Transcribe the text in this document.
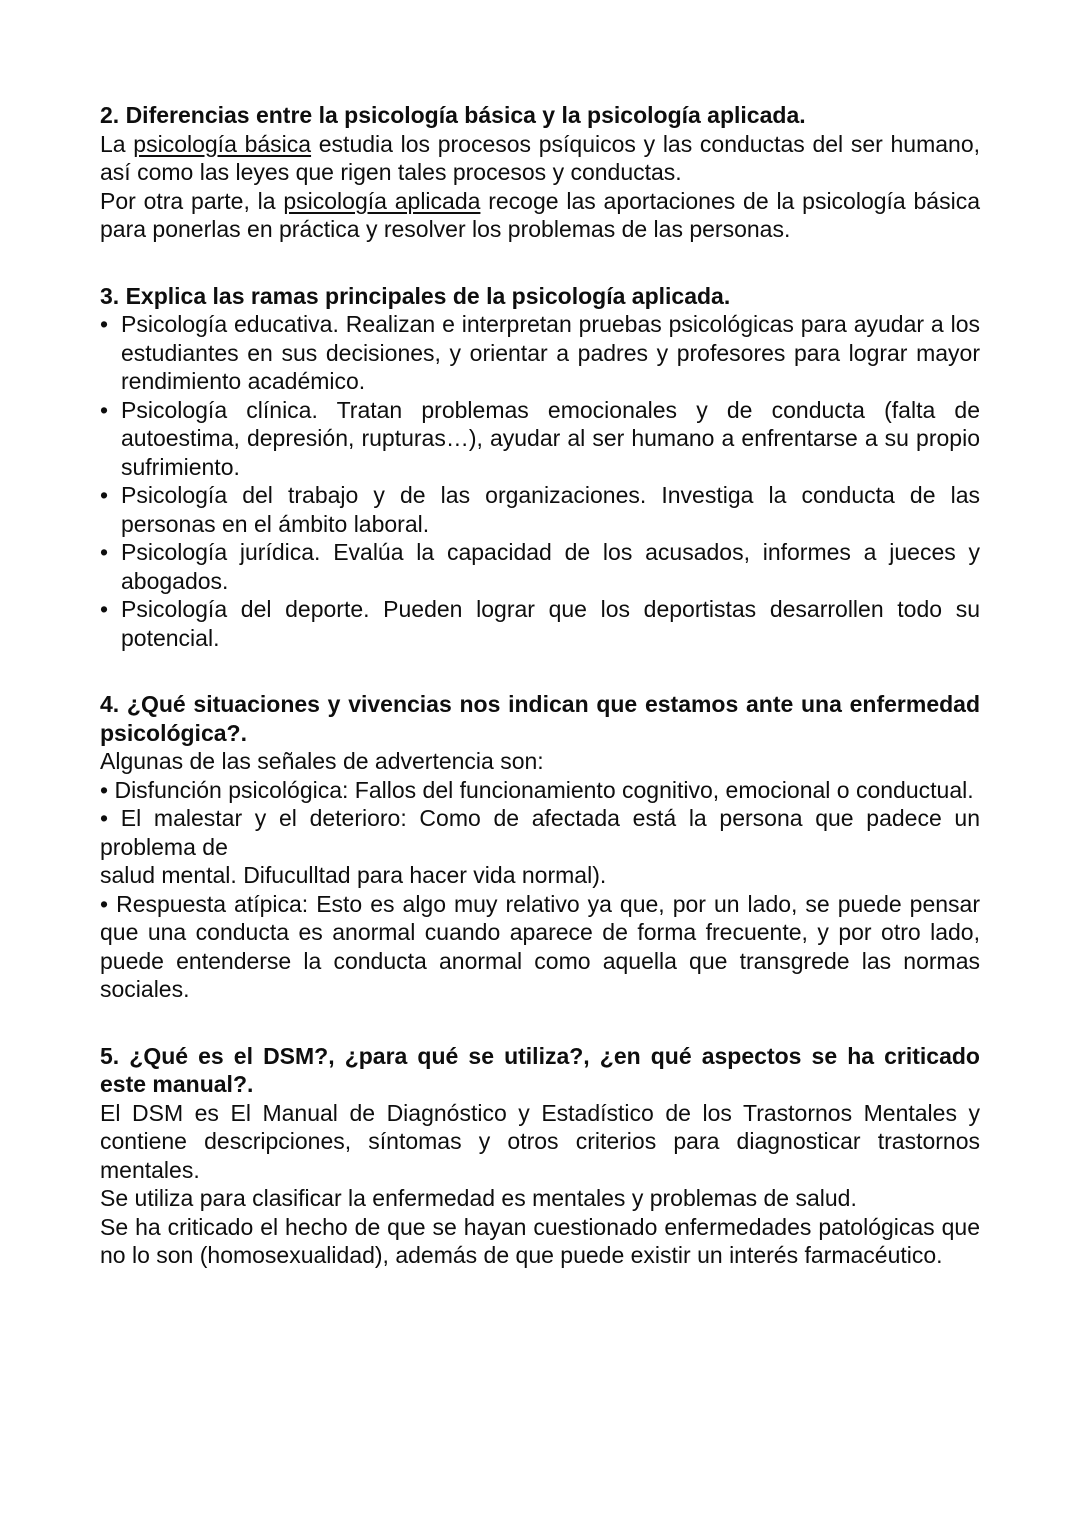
2. Diferencias entre la psicología básica y la psicología aplicada.

La psicología básica estudia los procesos psíquicos y las conductas del ser humano, así como las leyes que rigen tales procesos y conductas.

Por otra parte, la psicología aplicada recoge las aportaciones de la psicología básica para ponerlas en práctica y resolver los problemas de las personas.

3. Explica las ramas principales de la psicología aplicada.
• Psicología educativa. Realizan e interpretan pruebas psicológicas para ayudar a los estudiantes en sus decisiones, y orientar a padres y profesores para lograr mayor rendimiento académico.
• Psicología clínica. Tratan problemas emocionales y de conducta (falta de autoestima, depresión, rupturas…), ayudar al ser humano a enfrentarse a su propio sufrimiento.
• Psicología del trabajo y de las organizaciones. Investiga la conducta de las personas en el ámbito laboral.
• Psicología jurídica. Evalúa la capacidad de los acusados, informes a jueces y abogados.
• Psicología del deporte. Pueden lograr que los deportistas desarrollen todo su potencial.
4. ¿Qué situaciones y vivencias nos indican que estamos ante una enfermedad psicológica?.

Algunas de las señales de advertencia son:

• Disfunción psicológica: Fallos del funcionamiento cognitivo, emocional o conductual.

• El malestar y el deterioro: Como de afectada está la persona que padece un problema de

salud mental. Difuculltad para hacer vida normal).

• Respuesta atípica: Esto es algo muy relativo ya que, por un lado, se puede pensar que una conducta es anormal cuando aparece de forma frecuente, y por otro lado, puede entenderse la conducta anormal como aquella que transgrede las normas sociales.

5. ¿Qué es el DSM?, ¿para qué se utiliza?, ¿en qué aspectos se ha criticado este manual?.

El DSM es El Manual de Diagnóstico y Estadístico de los Trastornos Mentales y contiene descripciones, síntomas y otros criterios para diagnosticar trastornos mentales.

Se utiliza para clasificar la enfermedad es mentales y problemas de salud.

Se ha criticado el hecho de que se hayan cuestionado enfermedades patológicas que no lo son (homosexualidad), además de que puede existir un interés farmacéutico.
